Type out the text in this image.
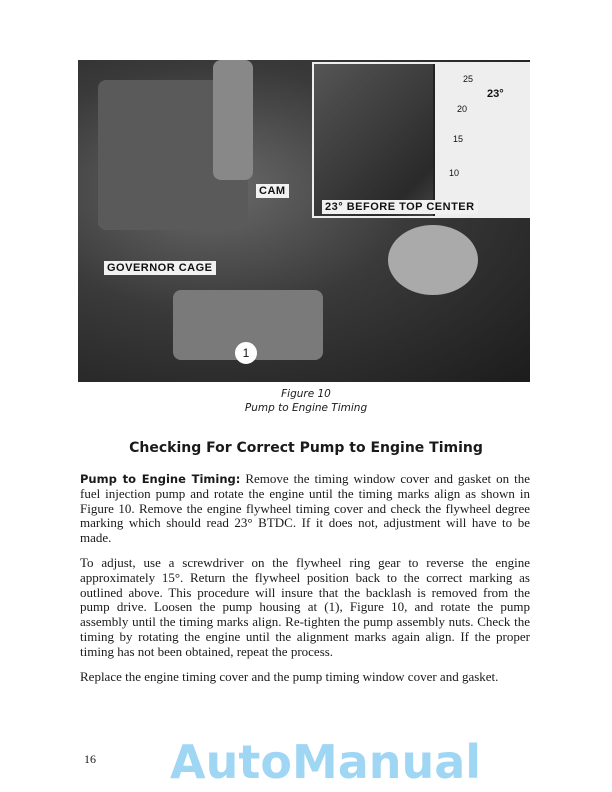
25
23°
20
15
10
CAM
GOVERNOR CAGE
23° BEFORE TOP CENTER
1
Figure 10
Pump to Engine Timing
Checking For Correct Pump to Engine Timing

Pump to Engine Timing: Remove the timing window cover and gasket on the fuel injection pump and rotate the engine until the timing marks align as shown in Figure 10. Remove the engine flywheel timing cover and check the flywheel degree marking which should read 23° BTDC. If it does not, adjustment will have to be made.

To adjust, use a screwdriver on the flywheel ring gear to reverse the engine approximately 15°. Return the flywheel position back to the correct marking as outlined above. This procedure will insure that the backlash is removed from the pump drive. Loosen the pump housing at (1), Figure 10, and rotate the pump assembly until the timing marks align. Re-tighten the pump assembly nuts. Check the timing by rotating the engine until the alignment marks again align. If the proper timing has not been obtained, repeat the process.

Replace the engine timing cover and the pump timing window cover and gasket.

16 AutoManual
